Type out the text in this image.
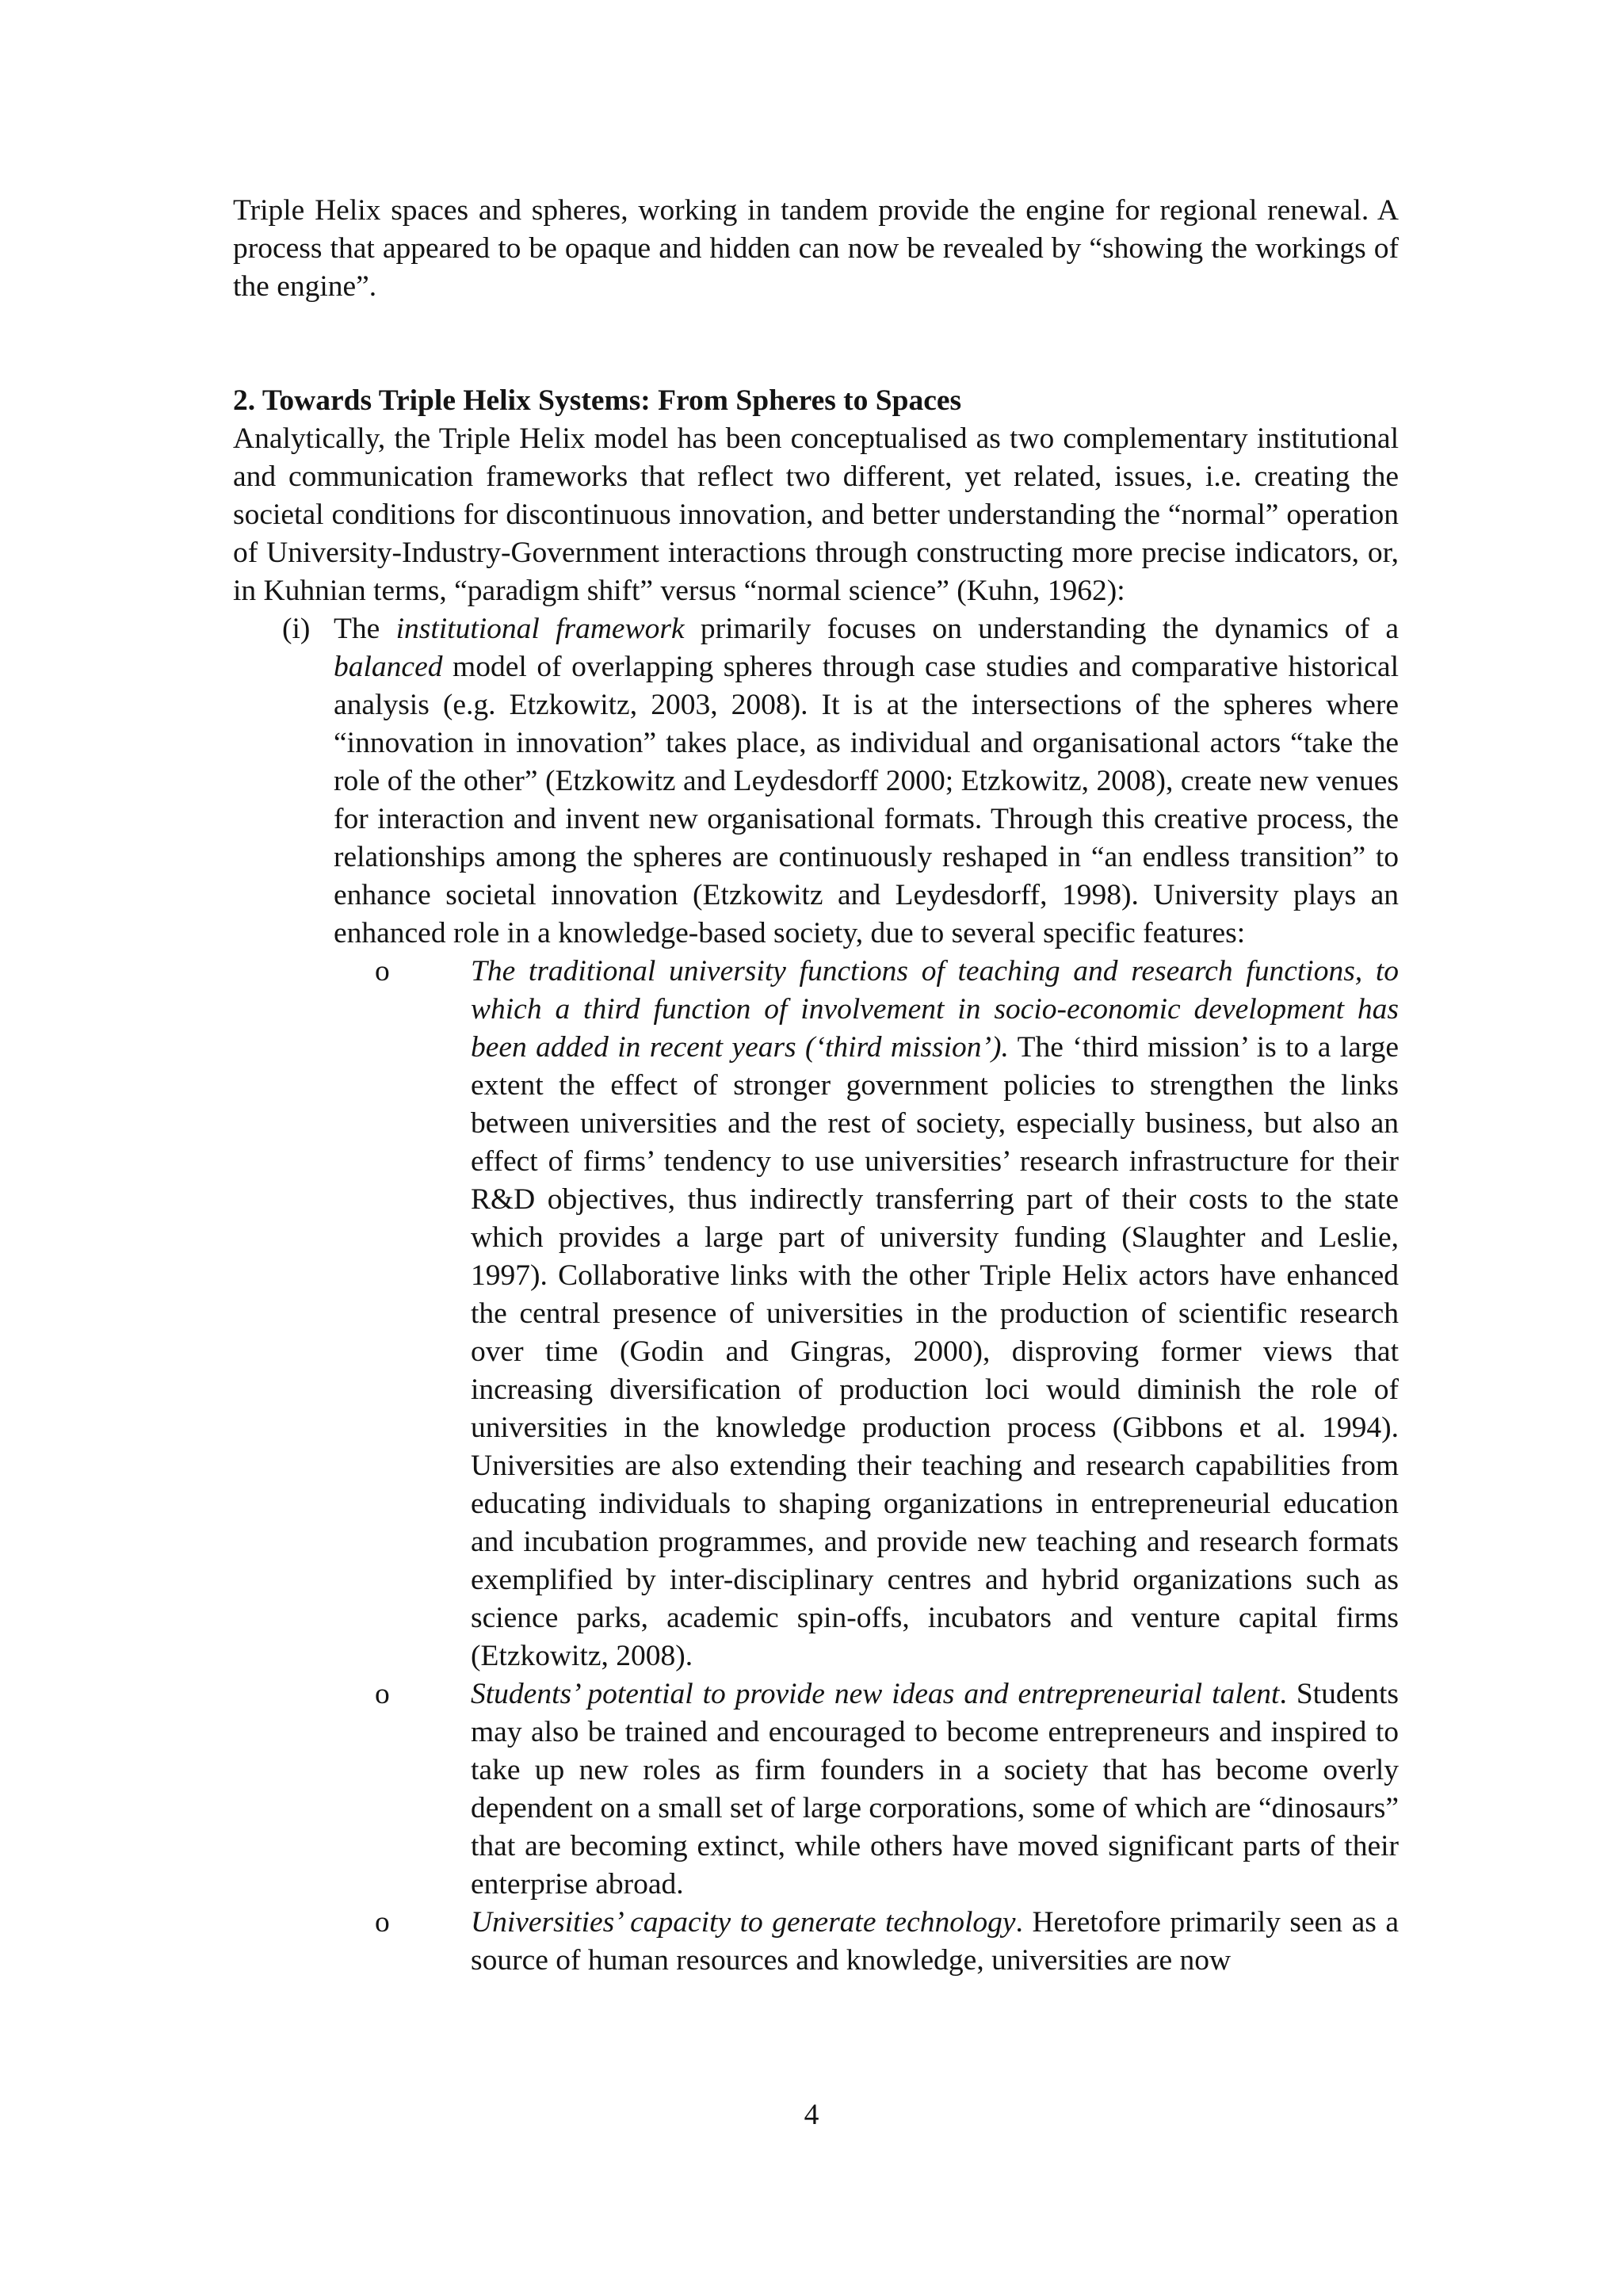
Triple Helix spaces and spheres, working in tandem provide the engine for regional renewal. A process that appeared to be opaque and hidden can now be revealed by “showing the workings of the engine”.

2. Towards Triple Helix Systems: From Spheres to Spaces

Analytically, the Triple Helix model has been conceptualised as two complementary institutional and communication frameworks that reflect two different, yet related, issues, i.e. creating the societal conditions for discontinuous innovation, and better understanding the “normal” operation of University-Industry-Government interactions through constructing more precise indicators, or, in Kuhnian terms, “paradigm shift” versus “normal science” (Kuhn, 1962):

(i) The institutional framework primarily focuses on understanding the dynamics of a balanced model of overlapping spheres through case studies and comparative historical analysis (e.g. Etzkowitz, 2003, 2008). It is at the intersections of the spheres where “innovation in innovation” takes place, as individual and organisational actors “take the role of the other” (Etzkowitz and Leydesdorff 2000; Etzkowitz, 2008), create new venues for interaction and invent new organisational formats. Through this creative process, the relationships among the spheres are continuously reshaped in “an endless transition” to enhance societal innovation (Etzkowitz and Leydesdorff, 1998). University plays an enhanced role in a knowledge-based society, due to several specific features:
o	The traditional university functions of teaching and research functions, to which a third function of involvement in socio-economic development has been added in recent years (‘third mission’). The ‘third mission’ is to a large extent the effect of stronger government policies to strengthen the links between universities and the rest of society, especially business, but also an effect of firms’ tendency to use universities’ research infrastructure for their R&D objectives, thus indirectly transferring part of their costs to the state which provides a large part of university funding (Slaughter and Leslie, 1997). Collaborative links with the other Triple Helix actors have enhanced the central presence of universities in the production of scientific research over time (Godin and Gingras, 2000), disproving former views that increasing diversification of production loci would diminish the role of universities in the knowledge production process (Gibbons et al. 1994). Universities are also extending their teaching and research capabilities from educating individuals to shaping organizations in entrepreneurial education and incubation programmes, and provide new teaching and research formats exemplified by inter-disciplinary centres and hybrid organizations such as science parks, academic spin-offs, incubators and venture capital firms (Etzkowitz, 2008).
o	Students’ potential to provide new ideas and entrepreneurial talent. Students may also be trained and encouraged to become entrepreneurs and inspired to take up new roles as firm founders in a society that has become overly dependent on a small set of large corporations, some of which are “dinosaurs” that are becoming extinct, while others have moved significant parts of their enterprise abroad.
o	Universities’ capacity to generate technology. Heretofore primarily seen as a source of human resources and knowledge, universities are now
4
